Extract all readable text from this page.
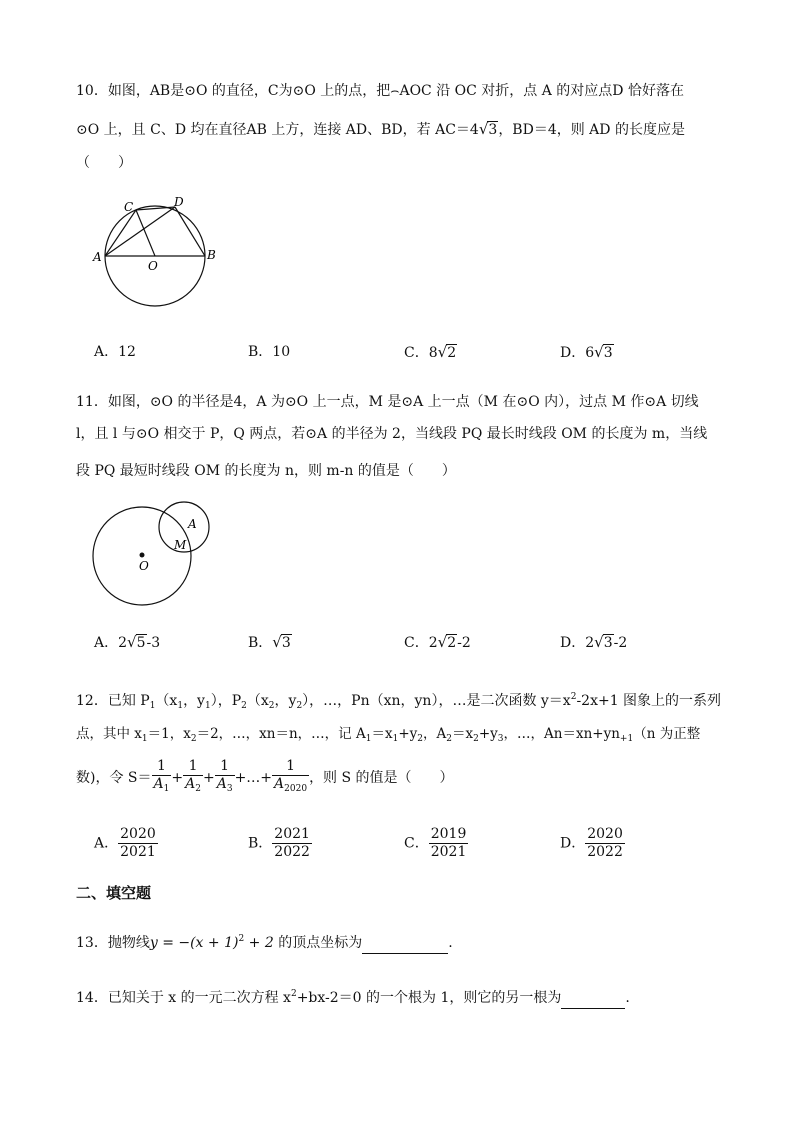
10．如图，AB是⊙O 的直径，C为⊙O 上的点，把⌢AOC 沿 OC 对折，点 A 的对应点D 恰好落在
⊙O 上，且 C、D 均在直径AB 上方，连接 AD、BD，若 AC＝4√3，BD＝4，则 AD 的长度应是
（　　）
A	B
C	D
O
A．12	B．10	C．8√2	D．6√3
11．如图，⊙O 的半径是4，A 为⊙O 上一点，M 是⊙A 上一点（M 在⊙O 内），过点 M 作⊙A 切线
l，且 l 与⊙O 相交于 P，Q 两点，若⊙A 的半径为 2，当线段 PQ 最长时线段 OM 的长度为 m，当线
段 PQ 最短时线段 OM 的长度为 n，则 m-n 的值是（　　）
A
M
O
A．2√5-3	B．√3	C．2√2-2	D．2√3-2
12．已知 $P_1(x_1$，$y_1$），$P_2(x_2$，$y_2$），…，Pn（xn，yn），…是二次函数 $y=x^2-2x+1$ 图象上的一系列
点，其中 $x_1=1$，$x_2=2$，…，xn＝n，…，记 $A_1=x_1+y_2$，$A_2=x_2+y_3$，…，$An=xn+yn_{+1}(n$ 为正整
数)，令 $S= \frac{1}{A_1} + \frac{1}{A_2} + \frac{1}{A_3}$ +…+ $\frac{1}{A_{2020}}$ ，则 S 的值是（　　）
A． $\frac{2020}{2021}$	B． $\frac{2021}{2022}$	C． $\frac{2019}{2021}$	D． $\frac{2020}{2022}$
二、填空题
13．抛物线$y = -(x + 1)^2 + 2$ 的顶点坐标为	.
14．已知关于 x 的一元二次方程 $x^2+bx-2=0$ 的一个根为 1，则它的另一根为	.
